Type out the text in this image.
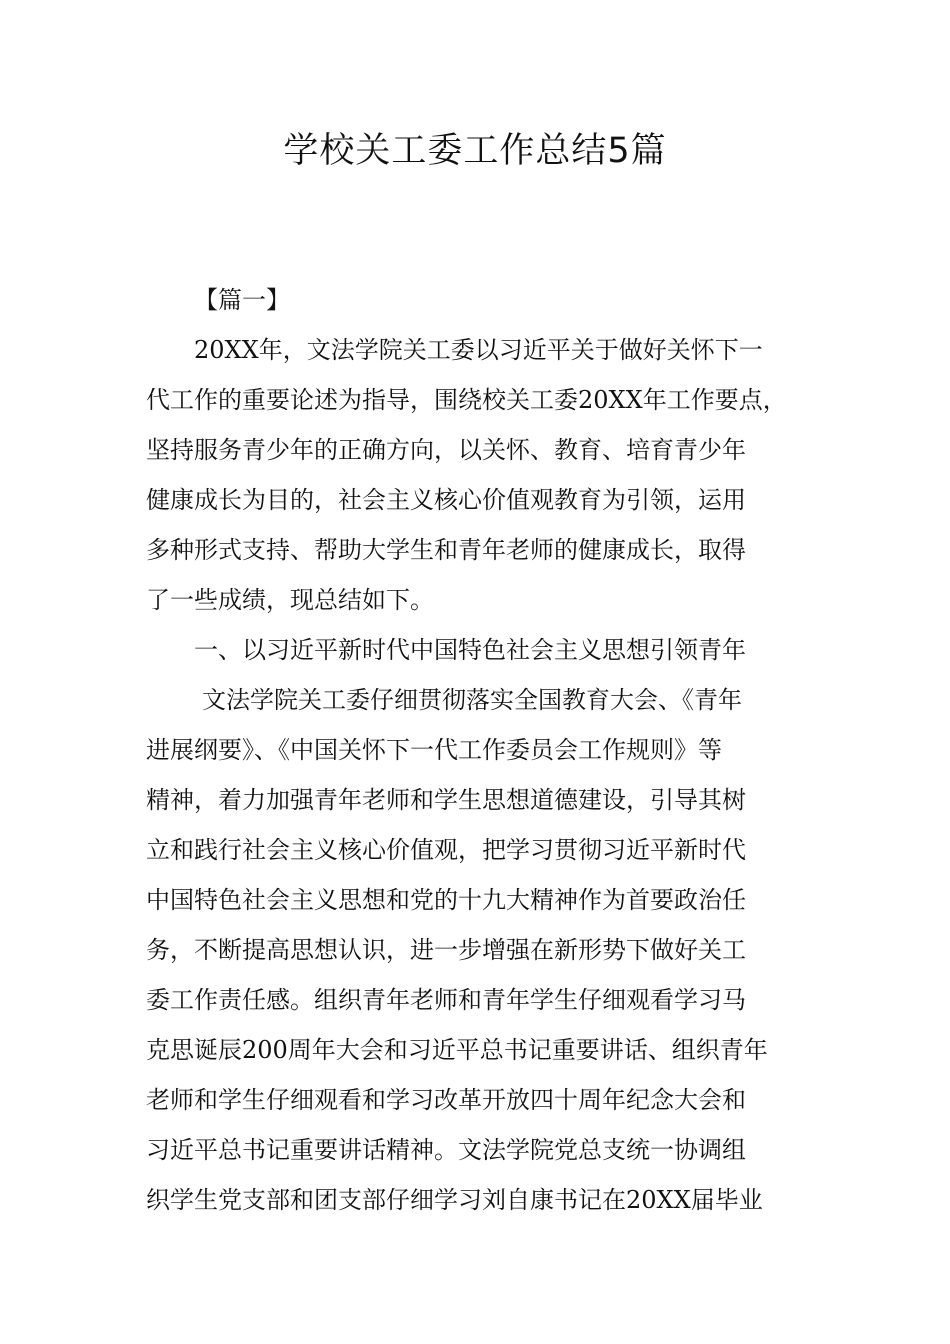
学校关工委工作总结5篇
【篇一】
20XX年，文法学院关工委以习近平关于做好关怀下一
代工作的重要论述为指导，围绕校关工委20XX年工作要点，
坚持服务青少年的正确方向，以关怀、教育、培育青少年
健康成长为目的，社会主义核心价值观教育为引领，运用
多种形式支持、帮助大学生和青年老师的健康成长，取得
了一些成绩，现总结如下。
一、以习近平新时代中国特色社会主义思想引领青年
文法学院关工委仔细贯彻落实全国教育大会、《青年
进展纲要》、《中国关怀下一代工作委员会工作规则》等
精神，着力加强青年老师和学生思想道德建设，引导其树
立和践行社会主义核心价值观，把学习贯彻习近平新时代
中国特色社会主义思想和党的十九大精神作为首要政治任
务，不断提高思想认识，进一步增强在新形势下做好关工
委工作责任感。组织青年老师和青年学生仔细观看学习马
克思诞辰200周年大会和习近平总书记重要讲话、组织青年
老师和学生仔细观看和学习改革开放四十周年纪念大会和
习近平总书记重要讲话精神。文法学院党总支统一协调组
织学生党支部和团支部仔细学习刘自康书记在20XX届毕业
